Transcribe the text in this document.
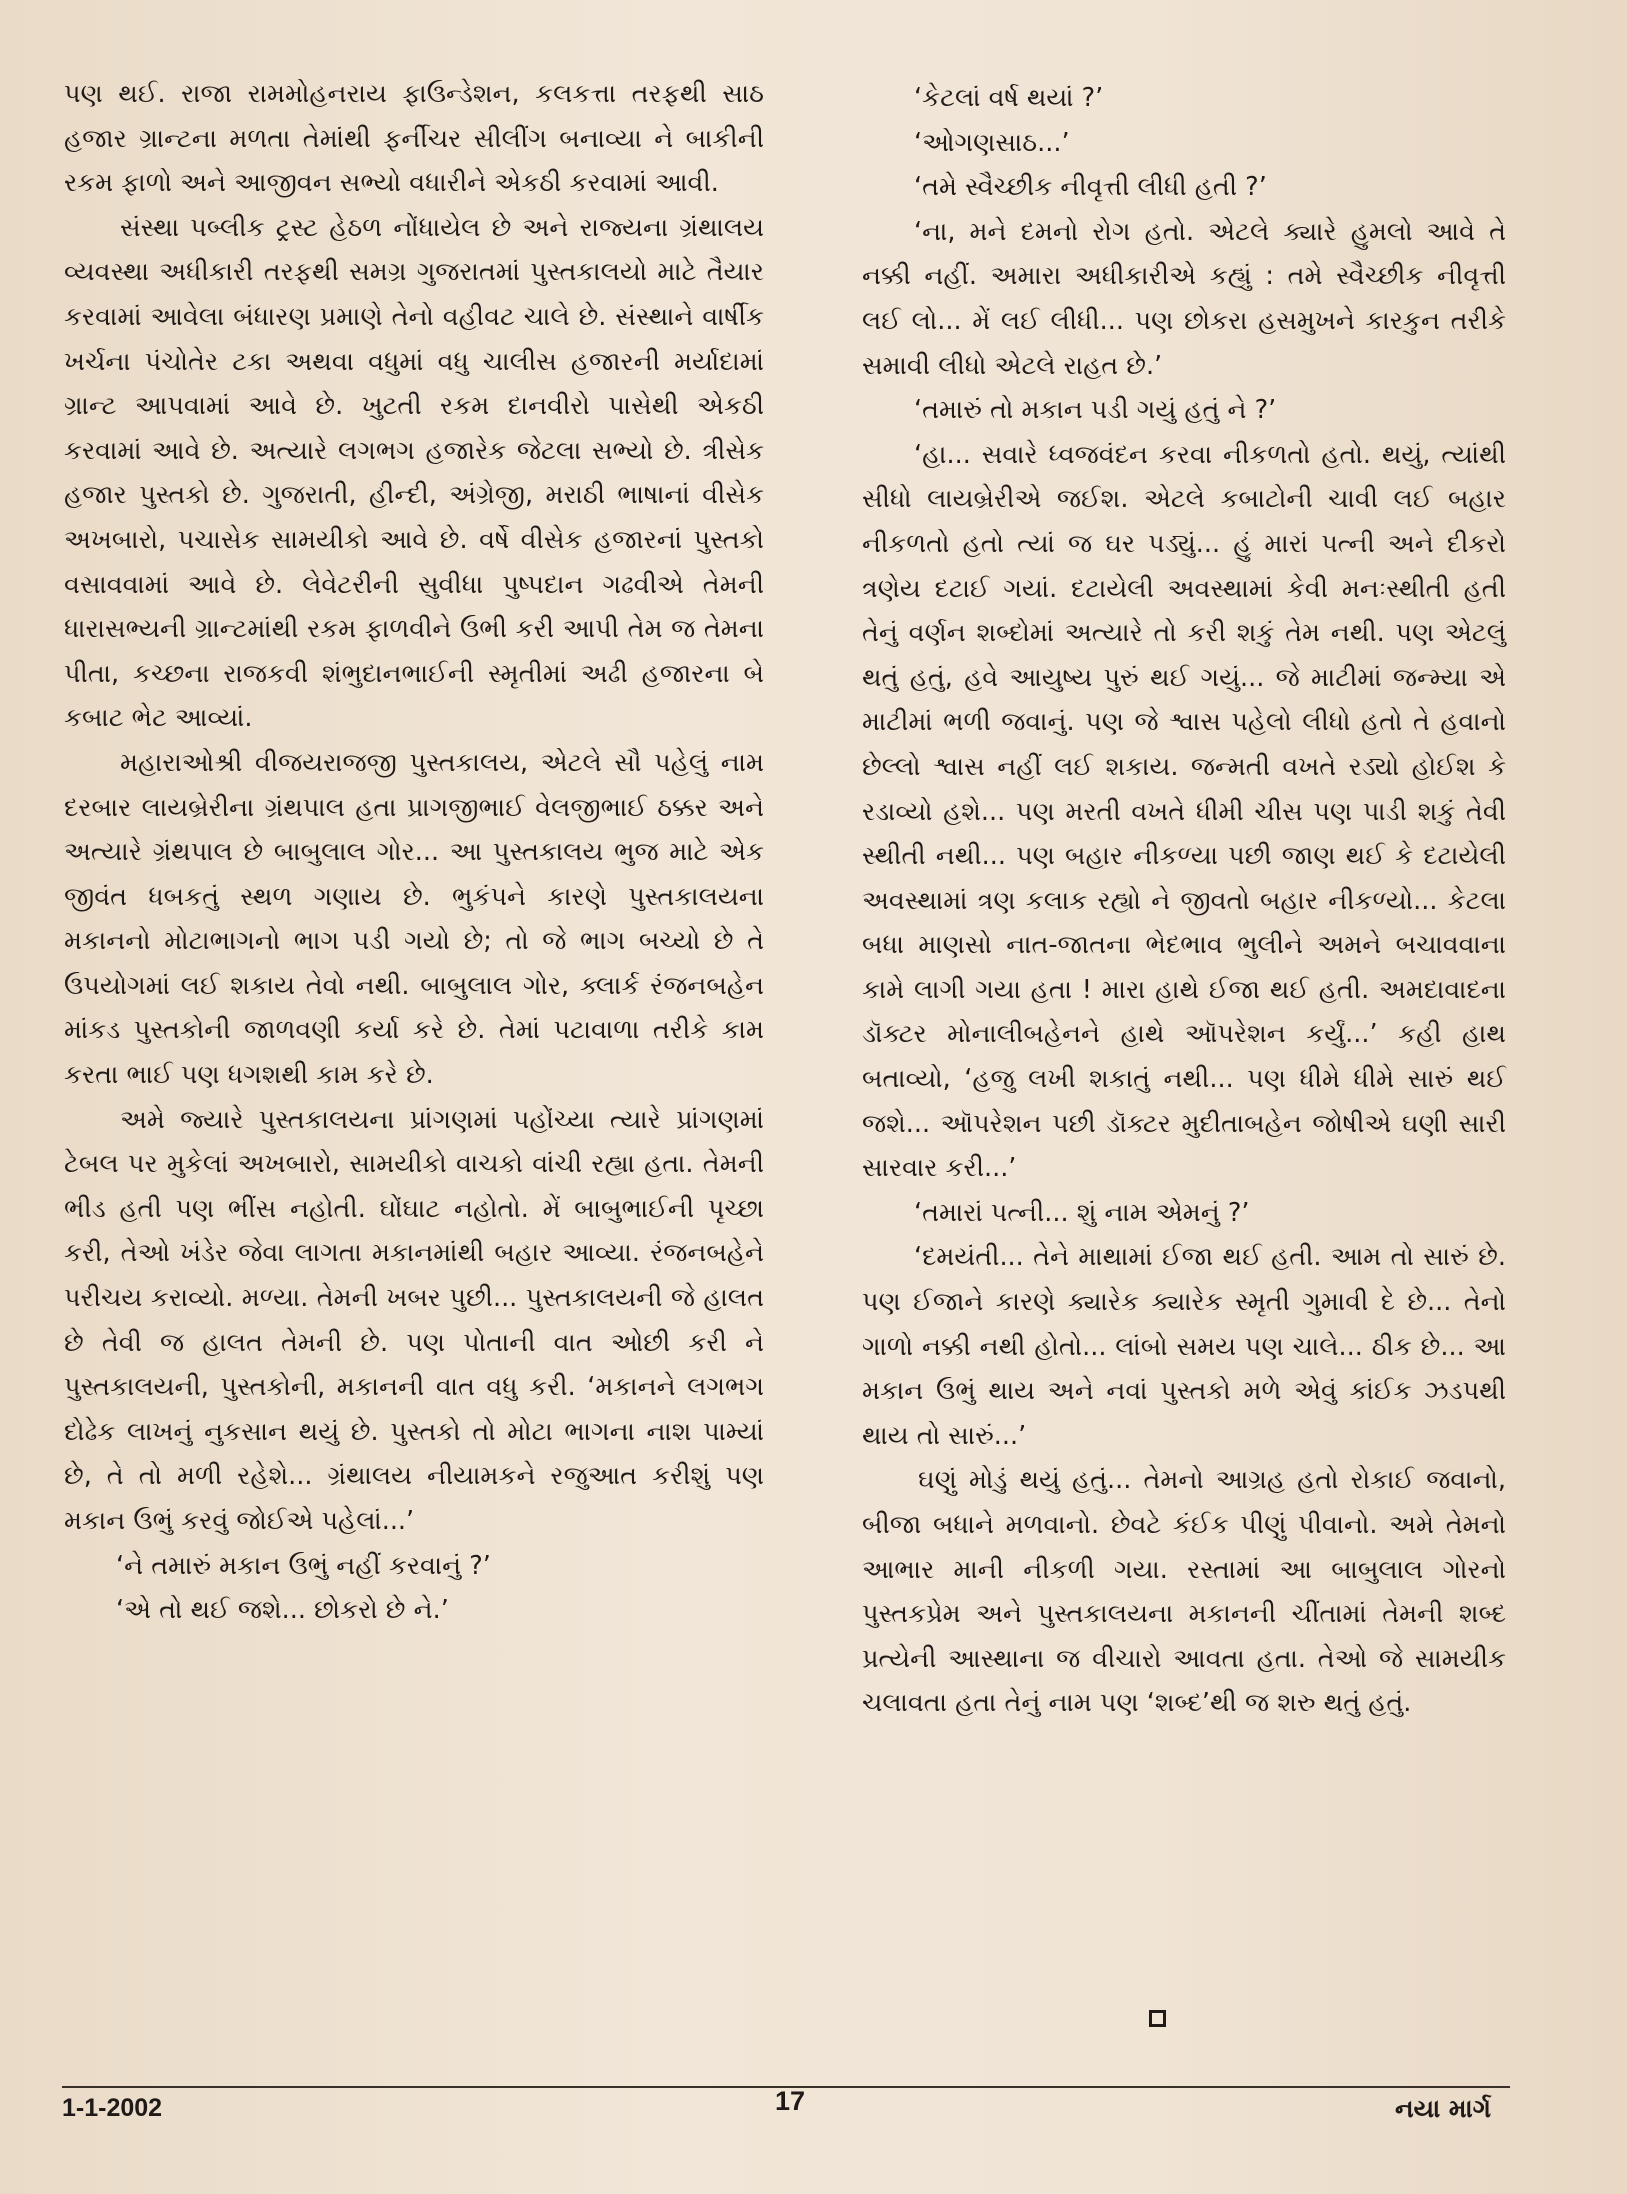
પણ થઈ. રાજા રામમોહનરાય ફાઉન્ડેશન, કલકત્તા તરફથી સાઠ હજાર ગ્રાન્ટના મળતા તેમાંથી ફર્નીચર સીલીંગ બનાવ્યા ને બાકીની રકમ ફાળો અને આજીવન સભ્યો વધારીને એકઠી કરવામાં આવી.

સંસ્થા પબ્લીક ટ્રસ્ટ હેઠળ નોંધાયેલ છે અને રાજ્યના ગ્રંથાલય વ્યવસ્થા અધીકારી તરફથી સમગ્ર ગુજરાતમાં પુસ્તકાલયો માટે તૈયાર કરવામાં આવેલા બંધારણ પ્રમાણે તેનો વહીવટ ચાલે છે. સંસ્થાને વાર્ષીક ખર્ચના પંચોતેર ટકા અથવા વધુમાં વધુ ચાલીસ હજારની મર્યાદામાં ગ્રાન્ટ આપવામાં આવે છે. ખુટતી રકમ દાનવીરો પાસેથી એકઠી કરવામાં આવે છે. અત્યારે લગભગ હજારેક જેટલા સભ્યો છે. ત્રીસેક હજાર પુસ્તકો છે. ગુજરાતી, હીન્દી, અંગ્રેજી, મરાઠી ભાષાનાં વીસેક અખબારો, પચાસેક સામયીકો આવે છે. વર્ષે વીસેક હજારનાં પુસ્તકો વસાવવામાં આવે છે. લેવેટરીની સુવીધા પુષ્પદાન ગઢવીએ તેમની ધારાસભ્યની ગ્રાન્ટમાંથી રકમ ફાળવીને ઉભી કરી આપી તેમ જ તેમના પીતા, કચ્છના રાજકવી શંભુદાનભાઈની સ્મૃતીમાં અઢી હજારના બે કબાટ ભેટ આવ્યાં.

મહારાઓશ્રી વીજયરાજજી પુસ્તકાલય, એટલે સૌ પહેલું નામ દરબાર લાયબ્રેરીના ગ્રંથપાલ હતા પ્રાગજીભાઈ વેલજીભાઈ ઠક્કર અને અત્યારે ગ્રંથપાલ છે બાબુલાલ ગોર... આ પુસ્તકાલય ભુજ માટે એક જીવંત ધબકતું સ્થળ ગણાય છે. ભુકંપને કારણે પુસ્તકાલયના મકાનનો મોટાભાગનો ભાગ પડી ગયો છે; તો જે ભાગ બચ્યો છે તે ઉપયોગમાં લઈ શકાય તેવો નથી. બાબુલાલ ગોર, ક્લાર્ક રંજનબહેન માંકડ પુસ્તકોની જાળવણી કર્યા કરે છે. તેમાં પટાવાળા તરીકે કામ કરતા ભાઈ પણ ધગશથી કામ કરે છે.

અમે જ્યારે પુસ્તકાલયના પ્રાંગણમાં પહોંચ્યા ત્યારે પ્રાંગણમાં ટેબલ પર મુકેલાં અખબારો, સામયીકો વાચકો વાંચી રહ્યા હતા. તેમની ભીડ હતી પણ ભીંસ નહોતી. ઘોંઘાટ નહોતો. મેં બાબુભાઈની પૃચ્છા કરી, તેઓ ખંડેર જેવા લાગતા મકાનમાંથી બહાર આવ્યા. રંજનબહેને પરીચય કરાવ્યો. મળ્યા. તેમની ખબર પુછી... પુસ્તકાલયની જે હાલત છે તેવી જ હાલત તેમની છે. પણ પોતાની વાત ઓછી કરી ને પુસ્તકાલયની, પુસ્તકોની, મકાનની વાત વધુ કરી. ‘મકાનને લગભગ દોઢેક લાખનું નુકસાન થયું છે. પુસ્તકો તો મોટા ભાગના નાશ પામ્યાં છે, તે તો મળી રહેશે... ગ્રંથાલય નીયામકને રજુઆત કરીશું પણ મકાન ઉભું કરવું જોઈએ પહેલાં...’

‘ને તમારું મકાન ઉભું નહીં કરવાનું ?’

‘એ તો થઈ જશે... છોકરો છે ને.’

‘કેટલાં વર્ષ થયાં ?’

‘ઓગણસાઠ...’

‘તમે સ્વૈચ્છીક નીવૃત્તી લીધી હતી ?’

‘ના, મને દમનો રોગ હતો. એટલે ક્યારે હુમલો આવે તે નક્કી નહીં. અમારા અધીકારીએ કહ્યું : તમે સ્વૈચ્છીક નીવૃત્તી લઈ લો... મેં લઈ લીધી... પણ છોકરા હસમુખને કારકુન તરીકે સમાવી લીધો એટલે રાહત છે.’

‘તમારું તો મકાન પડી ગયું હતું ને ?’

‘હા... સવારે ધ્વજવંદન કરવા નીકળતો હતો. થયું, ત્યાંથી સીધો લાયબ્રેરીએ જઈશ. એટલે કબાટોની ચાવી લઈ બહાર નીકળતો હતો ત્યાં જ ઘર પડ્યું... હું મારાં પત્ની અને દીકરો ત્રણેય દટાઈ ગયાં. દટાયેલી અવસ્થામાં કેવી મનઃસ્થીતી હતી તેનું વર્ણન શબ્દોમાં અત્યારે તો કરી શકું તેમ નથી. પણ એટલું થતું હતું, હવે આયુષ્ય પુરું થઈ ગયું... જે માટીમાં જન્મ્યા એ માટીમાં ભળી જવાનું. પણ જે શ્વાસ પહેલો લીધો હતો તે હવાનો છેલ્લો શ્વાસ નહીં લઈ શકાય. જન્મતી વખતે રડ્યો હોઈશ કે રડાવ્યો હશે... પણ મરતી વખતે ધીમી ચીસ પણ પાડી શકું તેવી સ્થીતી નથી... પણ બહાર નીકળ્યા પછી જાણ થઈ કે દટાયેલી અવસ્થામાં ત્રણ કલાક રહ્યો ને જીવતો બહાર નીકળ્યો... કેટલા બધા માણસો નાત-જાતના ભેદભાવ ભુલીને અમને બચાવવાના કામે લાગી ગયા હતા ! મારા હાથે ઈજા થઈ હતી. અમદાવાદના ડૉક્ટર મોનાલીબહેનને હાથે ઑપરેશન કર્યું...’ કહી હાથ બતાવ્યો, ‘હજુ લખી શકાતું નથી... પણ ધીમે ધીમે સારું થઈ જશે... ઑપરેશન પછી ડૉક્ટર મુદીતાબહેન જોષીએ ઘણી સારી સારવાર કરી...’

‘તમારાં પત્ની... શું નામ એમનું ?’

‘દમયંતી... તેને માથામાં ઈજા થઈ હતી. આમ તો સારું છે. પણ ઈજાને કારણે ક્યારેક ક્યારેક સ્મૃતી ગુમાવી દે છે... તેનો ગાળો નક્કી નથી હોતો... લાંબો સમય પણ ચાલે... ઠીક છે... આ મકાન ઉભું થાય અને નવાં પુસ્તકો મળે એવું કાંઈક ઝડપથી થાય તો સારું...’

ઘણું મોડું થયું હતું... તેમનો આગ્રહ હતો રોકાઈ જવાનો, બીજા બધાને મળવાનો. છેવટે કંઈક પીણું પીવાનો. અમે તેમનો આભાર માની નીકળી ગયા. રસ્તામાં આ બાબુલાલ ગોરનો પુસ્તકપ્રેમ અને પુસ્તકાલયના મકાનની ચીંતામાં તેમની શબ્દ પ્રત્યેની આસ્થાના જ વીચારો આવતા હતા. તેઓ જે સામયીક ચલાવતા હતા તેનું નામ પણ ‘શબ્દ’થી જ શરુ થતું હતું.

1-1-2002	17	નયા માર્ગ
